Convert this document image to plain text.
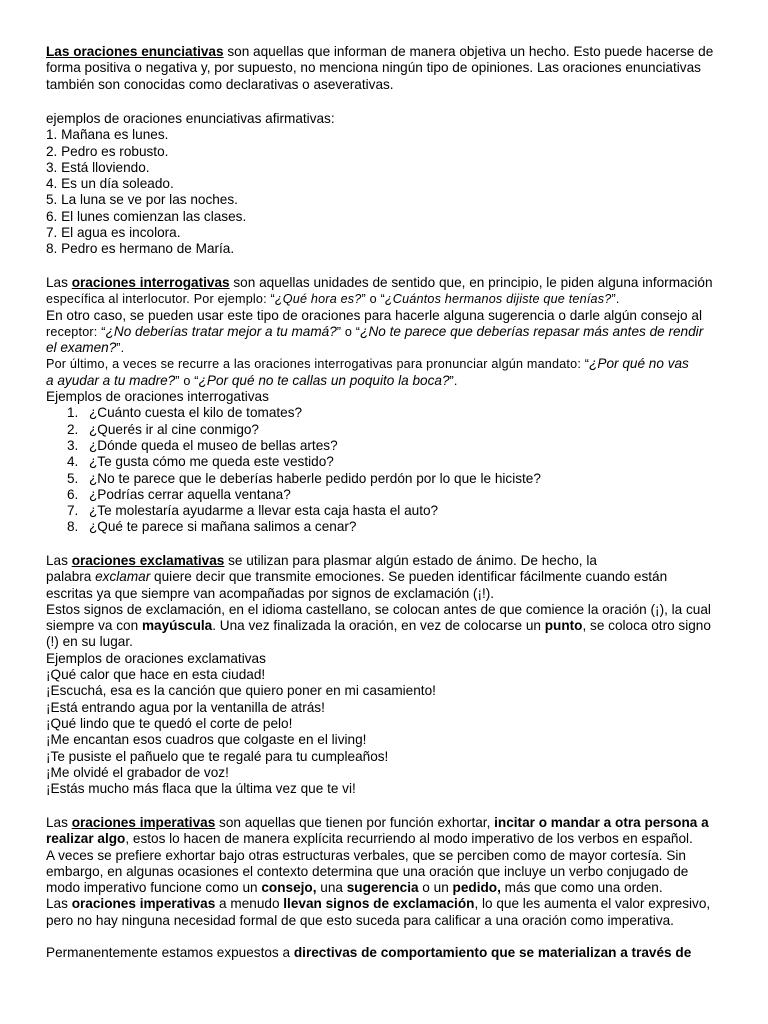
Las oraciones enunciativas son aquellas que informan de manera objetiva un hecho. Esto puede hacerse de

forma positiva o negativa y, por supuesto, no menciona ningún tipo de opiniones. Las oraciones enunciativas

también son conocidas como declarativas o aseverativas.

ejemplos de oraciones enunciativas afirmativas:

1. Mañana es lunes.

2. Pedro es robusto.

3. Está lloviendo.

4. Es un día soleado.

5. La luna se ve por las noches.

6. El lunes comienzan las clases.

7. El agua es incolora.

8. Pedro es hermano de María.

Las oraciones interrogativas son aquellas unidades de sentido que, en principio, le piden alguna información

específica al interlocutor. Por ejemplo: “¿Qué hora es?” o “¿Cuántos hermanos dijiste que tenías?”.

En otro caso, se pueden usar este tipo de oraciones para hacerle alguna sugerencia o darle algún consejo al

receptor: “¿No deberías tratar mejor a tu mamá?” o “¿No te parece que deberías repasar más antes de rendir

el examen?”.

Por último, a veces se recurre a las oraciones interrogativas para pronunciar algún mandato: “¿Por qué no vas

a ayudar a tu madre?” o “¿Por qué no te callas un poquito la boca?”.

Ejemplos de oraciones interrogativas

1. ¿Cuánto cuesta el kilo de tomates?
2. ¿Querés ir al cine conmigo?
3. ¿Dónde queda el museo de bellas artes?
4. ¿Te gusta cómo me queda este vestido?
5. ¿No te parece que le deberías haberle pedido perdón por lo que le hiciste?
6. ¿Podrías cerrar aquella ventana?
7. ¿Te molestaría ayudarme a llevar esta caja hasta el auto?
8. ¿Qué te parece si mañana salimos a cenar?

Las oraciones exclamativas se utilizan para plasmar algún estado de ánimo. De hecho, la

palabra exclamar quiere decir que transmite emociones. Se pueden identificar fácilmente cuando están

escritas ya que siempre van acompañadas por signos de exclamación (¡!).

Estos signos de exclamación, en el idioma castellano, se colocan antes de que comience la oración (¡), la cual

siempre va con mayúscula. Una vez finalizada la oración, en vez de colocarse un punto, se coloca otro signo

(!) en su lugar.

Ejemplos de oraciones exclamativas

¡Qué calor que hace en esta ciudad!

¡Escuchá, esa es la canción que quiero poner en mi casamiento!

¡Está entrando agua por la ventanilla de atrás!

¡Qué lindo que te quedó el corte de pelo!

¡Me encantan esos cuadros que colgaste en el living!

¡Te pusiste el pañuelo que te regalé para tu cumpleaños!

¡Me olvidé el grabador de voz!

¡Estás mucho más flaca que la última vez que te vi!

Las oraciones imperativas son aquellas que tienen por función exhortar, incitar o mandar a otra persona a

realizar algo, estos lo hacen de manera explícita recurriendo al modo imperativo de los verbos en español.

A veces se prefiere exhortar bajo otras estructuras verbales, que se perciben como de mayor cortesía. Sin

embargo, en algunas ocasiones el contexto determina que una oración que incluye un verbo conjugado de

modo imperativo funcione como un consejo, una sugerencia o un pedido, más que como una orden.

Las oraciones imperativas a menudo llevan signos de exclamación, lo que les aumenta el valor expresivo,

pero no hay ninguna necesidad formal de que esto suceda para calificar a una oración como imperativa.

Permanentemente estamos expuestos a directivas de comportamiento que se materializan a través de
